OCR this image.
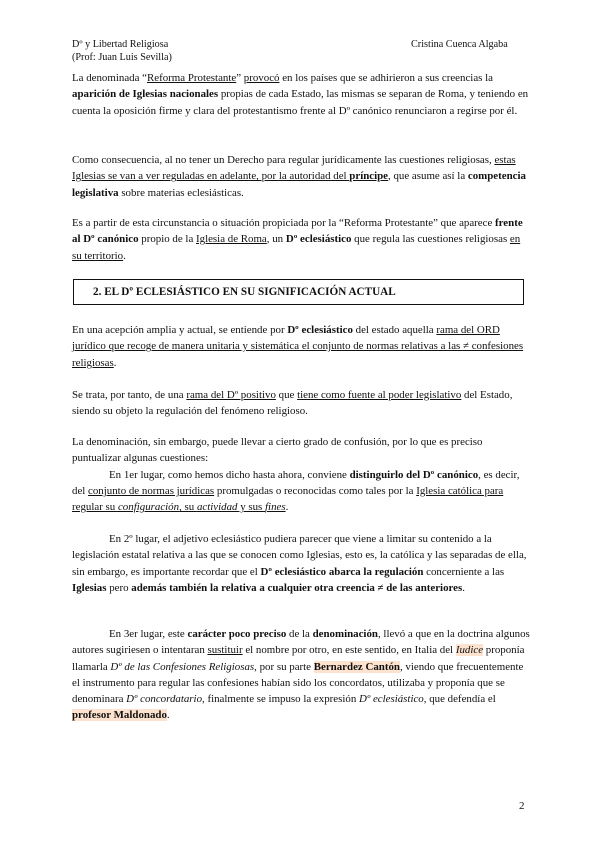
Dº y Libertad Religiosa
(Prof: Juan Luis Sevilla)
Cristina Cuenca Algaba

La denominada “Reforma Protestante” provocó en los países que se adhirieron a sus creencias la aparición de Iglesias nacionales propias de cada Estado, las mismas se separan de Roma, y teniendo en cuenta la oposición firme y clara del protestantismo frente al Dº canónico renunciaron a regirse por él.

Como consecuencia, al no tener un Derecho para regular jurídicamente las cuestiones religiosas, estas Iglesias se van a ver reguladas en adelante, por la autoridad del príncipe, que asume así la competencia legislativa sobre materias eclesiásticas.

Es a partir de esta circunstancia o situación propiciada por la “Reforma Protestante” que aparece frente al Dº canónico propio de la Iglesia de Roma, un Dº eclesiástico que regula las cuestiones religiosas en su territorio.

2. EL Dº ECLESIÁSTICO EN SU SIGNIFICACIÓN ACTUAL

En una acepción amplia y actual, se entiende por Dº eclesiástico del estado aquella rama del ORD jurídico que recoge de manera unitaria y sistemática el conjunto de normas relativas a las ≠ confesiones religiosas.

Se trata, por tanto, de una rama del Dº positivo que tiene como fuente al poder legislativo del Estado, siendo su objeto la regulación del fenómeno religioso.

La denominación, sin embargo, puede llevar a cierto grado de confusión, por lo que es preciso puntualizar algunas cuestiones:

En 1er lugar, como hemos dicho hasta ahora, conviene distinguirlo del Dº canónico, es decir, del conjunto de normas jurídicas promulgadas o reconocidas como tales por la Iglesia católica para regular su configuración, su actividad y sus fines.

En 2º lugar, el adjetivo eclesiástico pudiera parecer que viene a limitar su contenido a la legislación estatal relativa a las que se conocen como Iglesias, esto es, la católica y las separadas de ella, sin embargo, es importante recordar que el Dº eclesiástico abarca la regulación concerniente a las Iglesias pero además también la relativa a cualquier otra creencia ≠ de las anteriores.

En 3er lugar, este carácter poco preciso de la denominación, llevó a que en la doctrina algunos autores sugiriesen o intentaran sustituir el nombre por otro, en este sentido, en Italia del Iudice proponía llamarla Dº de las Confesiones Religiosas, por su parte Bernardez Cantón, viendo que frecuentemente el instrumento para regular las confesiones habían sido los concordatos, utilizaba y proponía que se denominara Dº concordatario, finalmente se impuso la expresión Dº eclesiástico, que defendía el profesor Maldonado.

2
